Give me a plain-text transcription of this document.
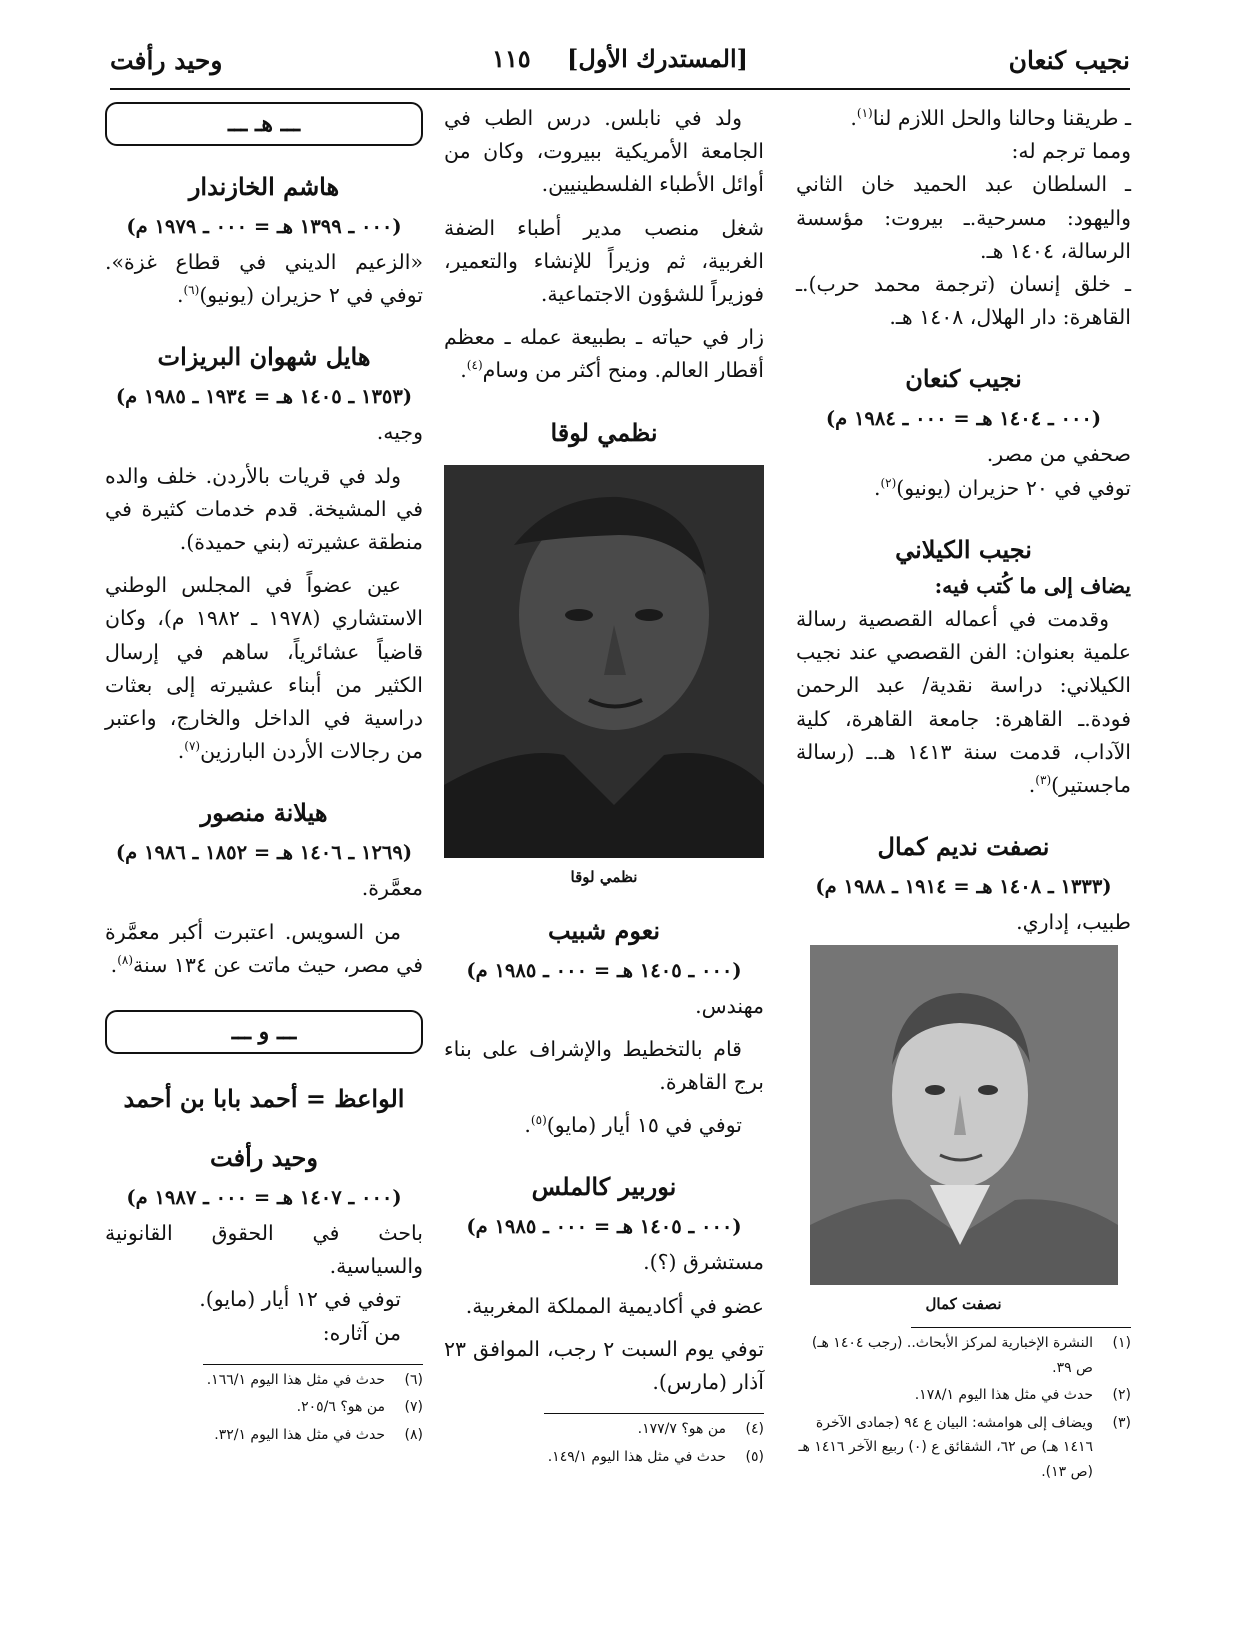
نجيب كنعان
[المستدرك الأول] ١١٥
وحيد رأفت

ـ طريقنا وحالنا والحل اللازم لنا$^{(١)}$.

ومما ترجم له:

ـ السلطان عبد الحميد خان الثاني واليهود: مسرحية.ـ بيروت: مؤسسة الرسالة، ١٤٠٤ هـ.

ـ خلق إنسان (ترجمة محمد حرب).ـ القاهرة: دار الهلال، ١٤٠٨ هـ.

نجيب كنعان
(٠٠٠ ـ ١٤٠٤ هـ = ٠٠٠ ـ ١٩٨٤ م)

صحفي من مصر.

توفي في ٢٠ حزيران (يونيو)$^{(٢)}$.

نجيب الكيلاني

يضاف إلى ما كُتب فيه:

وقدمت في أعماله القصصية رسالة علمية بعنوان: الفن القصصي عند نجيب الكيلاني: دراسة نقدية/ عبد الرحمن فودة.ـ القاهرة: جامعة القاهرة، كلية الآداب، قدمت سنة ١٤١٣ هـ.ـ (رسالة ماجستير)$^{(٣)}$.

نصفت نديم كمال
(١٣٣٣ ـ ١٤٠٨ هـ = ١٩١٤ ـ ١٩٨٨ م)

طبيب، إداري.

نصفت كمال
(١)
النشرة الإخبارية لمركز الأبحاث.. (رجب ١٤٠٤ هـ) ص ٣٩.
(٢)
حدث في مثل هذا اليوم ١٧٨/١.
(٣)
ويضاف إلى هوامشه: البيان ع ٩٤ (جمادى الآخرة ١٤١٦ هـ) ص ٦٢، الشقائق ع (٠) ربيع الآخر ١٤١٦ هـ (ص ١٣).

ولد في نابلس. درس الطب في الجامعة الأمريكية ببيروت، وكان من أوائل الأطباء الفلسطينيين.

شغل منصب مدير أطباء الضفة الغربية، ثم وزيراً للإنشاء والتعمير، فوزيراً للشؤون الاجتماعية.

زار في حياته ـ بطبيعة عمله ـ معظم أقطار العالم. ومنح أكثر من وسام$^{(٤)}$.

نظمي لوقا
نظمي لوقا
نعوم شبيب
(٠٠٠ ـ ١٤٠٥ هـ = ٠٠٠ ـ ١٩٨٥ م)

مهندس.

قام بالتخطيط والإشراف على بناء برج القاهرة.

توفي في ١٥ أيار (مايو)$^{(٥)}$.

نوربير كالملس
(٠٠٠ ـ ١٤٠٥ هـ = ٠٠٠ ـ ١٩٨٥ م)

مستشرق (؟).

عضو في أكاديمية المملكة المغربية.

توفي يوم السبت ٢ رجب، الموافق ٢٣ آذار (مارس).

(٤)
من هو؟ ١٧٧/٧.
(٥)
حدث في مثل هذا اليوم ١٤٩/١.
ـــ هـ ـــ
هاشم الخازندار
(٠٠٠ ـ ١٣٩٩ هـ = ٠٠٠ ـ ١٩٧٩ م)

«الزعيم الديني في قطاع غزة». توفي في ٢ حزيران (يونيو)$^{(٦)}$.

هايل شهوان البريزات
(١٣٥٣ ـ ١٤٠٥ هـ = ١٩٣٤ ـ ١٩٨٥ م)

وجيه.

ولد في قريات بالأردن. خلف والده في المشيخة. قدم خدمات كثيرة في منطقة عشيرته (بني حميدة).

عين عضواً في المجلس الوطني الاستشاري (١٩٧٨ ـ ١٩٨٢ م)، وكان قاضياً عشائرياً، ساهم في إرسال الكثير من أبناء عشيرته إلى بعثات دراسية في الداخل والخارج، واعتبر من رجالات الأردن البارزين$^{(٧)}$.

هيلانة منصور
(١٢٦٩ ـ ١٤٠٦ هـ = ١٨٥٢ ـ ١٩٨٦ م)

معمَّرة.

من السويس. اعتبرت أكبر معمَّرة في مصر، حيث ماتت عن ١٣٤ سنة$^{(٨)}$.

ـــ و ـــ
الواعظ = أحمد بابا بن أحمد
وحيد رأفت
(٠٠٠ ـ ١٤٠٧ هـ = ٠٠٠ ـ ١٩٨٧ م)

باحث في الحقوق القانونية والسياسية.

توفي في ١٢ أيار (مايو).

من آثاره:

(٦)
حدث في مثل هذا اليوم ١٦٦/١.
(٧)
من هو؟ ٢٠٥/٦.
(٨)
حدث في مثل هذا اليوم ٣٢/١.
